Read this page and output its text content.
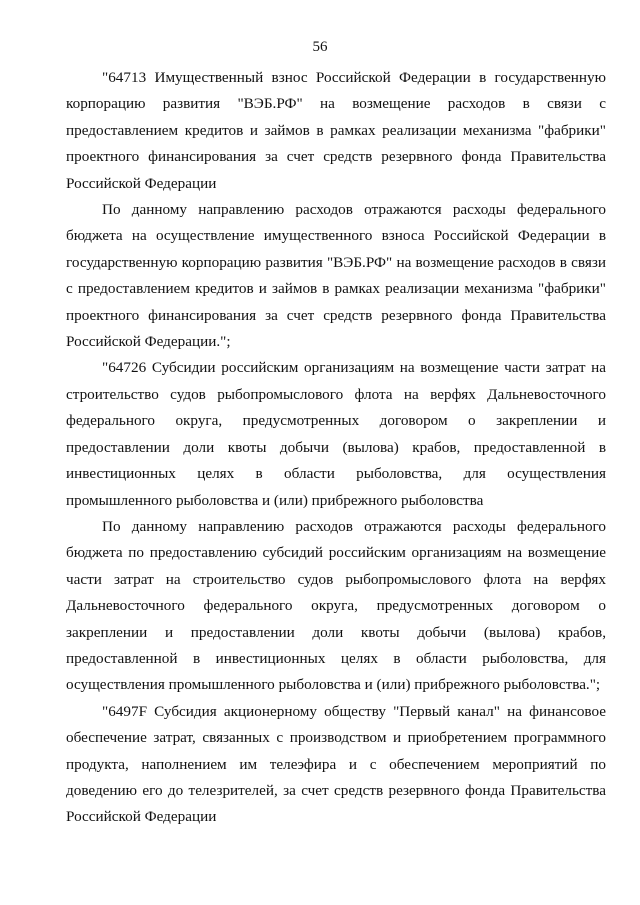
56

"64713 Имущественный взнос Российской Федерации в государственную корпорацию развития "ВЭБ.РФ" на возмещение расходов в связи с предоставлением кредитов и займов в рамках реализации механизма "фабрики" проектного финансирования за счет средств резервного фонда Правительства Российской Федерации

По данному направлению расходов отражаются расходы федерального бюджета на осуществление имущественного взноса Российской Федерации в государственную корпорацию развития "ВЭБ.РФ" на возмещение расходов в связи с предоставлением кредитов и займов в рамках реализации механизма "фабрики" проектного финансирования за счет средств резервного фонда Правительства Российской Федерации.";

"64726 Субсидии российским организациям на возмещение части затрат на строительство судов рыбопромыслового флота на верфях Дальневосточного федерального округа, предусмотренных договором о закреплении и предоставлении доли квоты добычи (вылова) крабов, предоставленной в инвестиционных целях в области рыболовства, для осуществления промышленного рыболовства и (или) прибрежного рыболовства

По данному направлению расходов отражаются расходы федерального бюджета по предоставлению субсидий российским организациям на возмещение части затрат на строительство судов рыбопромыслового флота на верфях Дальневосточного федерального округа, предусмотренных договором о закреплении и предоставлении доли квоты добычи (вылова) крабов, предоставленной в инвестиционных целях в области рыболовства, для осуществления промышленного рыболовства и (или) прибрежного рыболовства.";

"6497F Субсидия акционерному обществу "Первый канал" на финансовое обеспечение затрат, связанных с производством и приобретением программного продукта, наполнением им телеэфира и с обеспечением мероприятий по доведению его до телезрителей, за счет средств резервного фонда Правительства Российской Федерации
